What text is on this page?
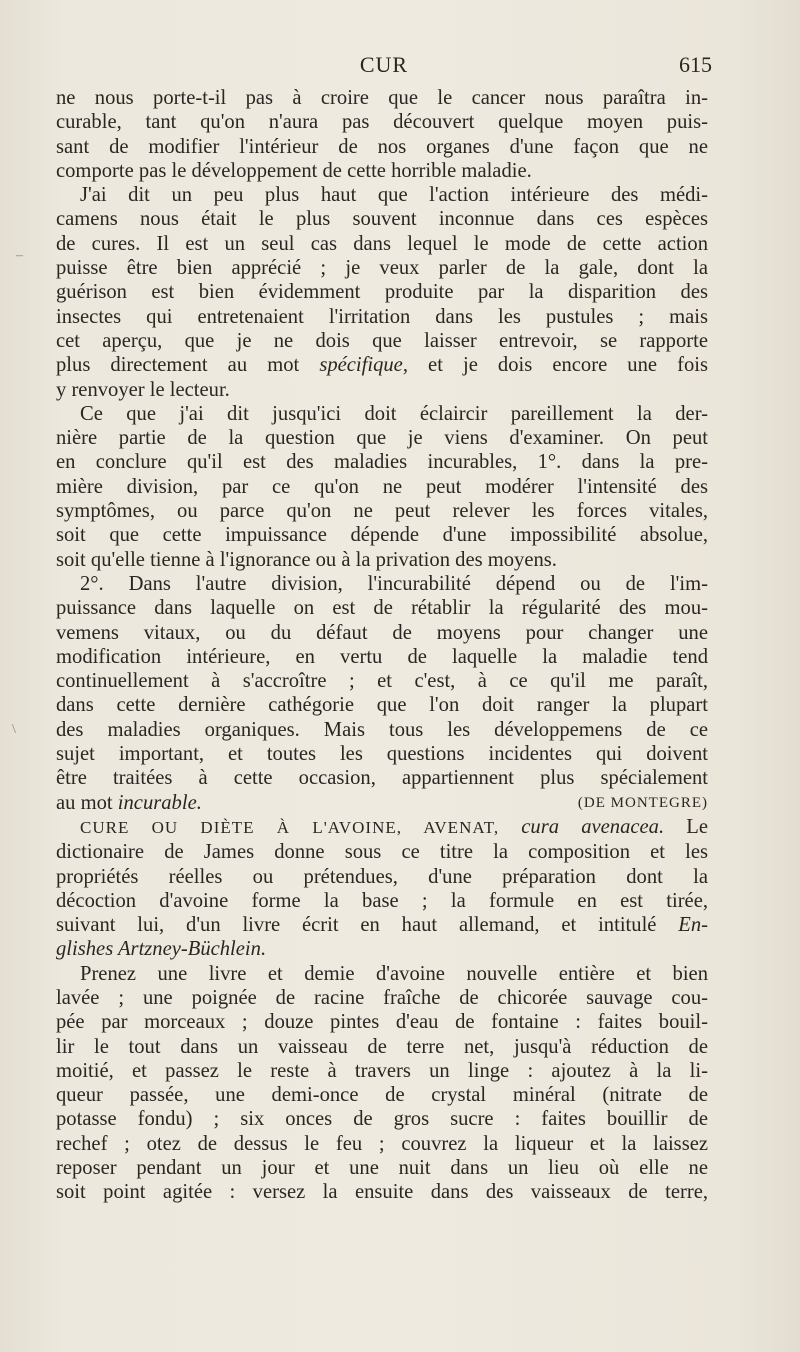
CUR	615
‒
\

ne nous porte-t-il pas à croire que le cancer nous paraîtra in-
curable, tant qu'on n'aura pas découvert quelque moyen puis-
sant de modifier l'intérieur de nos organes d'une façon que ne
comporte pas le développement de cette horrible maladie.

J'ai dit un peu plus haut que l'action intérieure des médi-
camens nous était le plus souvent inconnue dans ces espèces
de cures. Il est un seul cas dans lequel le mode de cette action
puisse être bien apprécié ; je veux parler de la gale, dont la
guérison est bien évidemment produite par la disparition des
insectes qui entretenaient l'irritation dans les pustules ; mais
cet aperçu, que je ne dois que laisser entrevoir, se rapporte
plus directement au mot spécifique, et je dois encore une fois
y renvoyer le lecteur.

Ce que j'ai dit jusqu'ici doit éclaircir pareillement la der-
nière partie de la question que je viens d'examiner. On peut
en conclure qu'il est des maladies incurables, 1°. dans la pre-
mière division, par ce qu'on ne peut modérer l'intensité des
symptômes, ou parce qu'on ne peut relever les forces vitales,
soit que cette impuissance dépende d'une impossibilité absolue,
soit qu'elle tienne à l'ignorance ou à la privation des moyens.

2°. Dans l'autre division, l'incurabilité dépend ou de l'im-
puissance dans laquelle on est de rétablir la régularité des mou-
vemens vitaux, ou du défaut de moyens pour changer une
modification intérieure, en vertu de laquelle la maladie tend
continuellement à s'accroître ; et c'est, à ce qu'il me paraît,
dans cette dernière cathégorie que l'on doit ranger la plupart
des maladies organiques. Mais tous les développemens de ce
sujet important, et toutes les questions incidentes qui doivent
être traitées à cette occasion, appartiennent plus spécialement
au mot incurable.	(DE MONTEGRE)

CURE OU DIÈTE À L'AVOINE, AVENAT, cura avenacea. Le
dictionaire de James donne sous ce titre la composition et les
propriétés réelles ou prétendues, d'une préparation dont la
décoction d'avoine forme la base ; la formule en est tirée,
suivant lui, d'un livre écrit en haut allemand, et intitulé En-
glishes Artzney-Büchlein.

Prenez une livre et demie d'avoine nouvelle entière et bien
lavée ; une poignée de racine fraîche de chicorée sauvage cou-
pée par morceaux ; douze pintes d'eau de fontaine : faites bouil-
lir le tout dans un vaisseau de terre net, jusqu'à réduction de
moitié, et passez le reste à travers un linge : ajoutez à la li-
queur passée, une demi-once de crystal minéral (nitrate de
potasse fondu) ; six onces de gros sucre : faites bouillir de
rechef ; otez de dessus le feu ; couvrez la liqueur et la laissez
reposer pendant un jour et une nuit dans un lieu où elle ne
soit point agitée : versez la ensuite dans des vaisseaux de terre,
